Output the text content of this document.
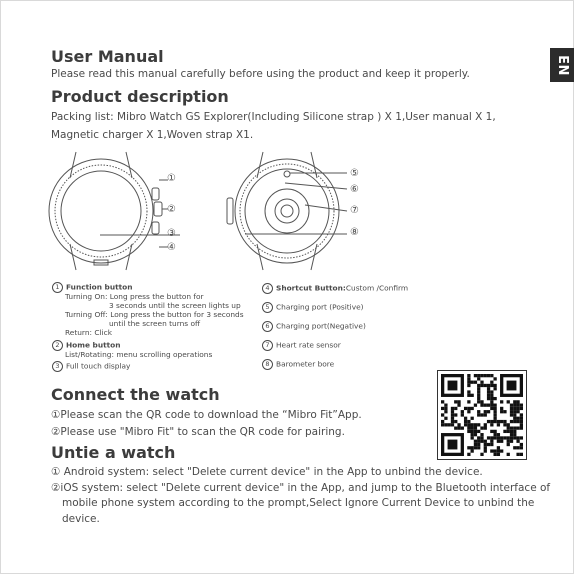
EN
User Manual
Please read this manual carefully before using the product and keep it properly.
Product description
Packing list: Mibro Watch GS Explorer(Including Silicone strap ) X 1,User manual X 1,
Magnetic charger X 1,Woven strap X1.
①
②
③
④
⑤
⑥
⑦
⑧
1 Function button
Turning On: Long press the button for
3 seconds until the screen lights up
Turning Off: Long press the button for 3 seconds
until the screen turns off
Return: Click
2 Home button
List/Rotating: menu scrolling operations
3 Full touch display
4 Shortcut Button:Custom /Confirm
5 Charging port (Positive)
6 Charging port(Negative)
7 Heart rate sensor
8 Barometer bore
Connect the watch
①Please scan the QR code to download the “Mibro Fit”App.
②Please use "Mibro Fit" to scan the QR code for pairing.
Untie a watch
① Android system: select "Delete current device" in the App to unbind the device.
②iOS system: select "Delete current device" in the App, and jump to the Bluetooth interface of
mobile phone system according to the prompt,Select Ignore Current Device to unbind the
device.
